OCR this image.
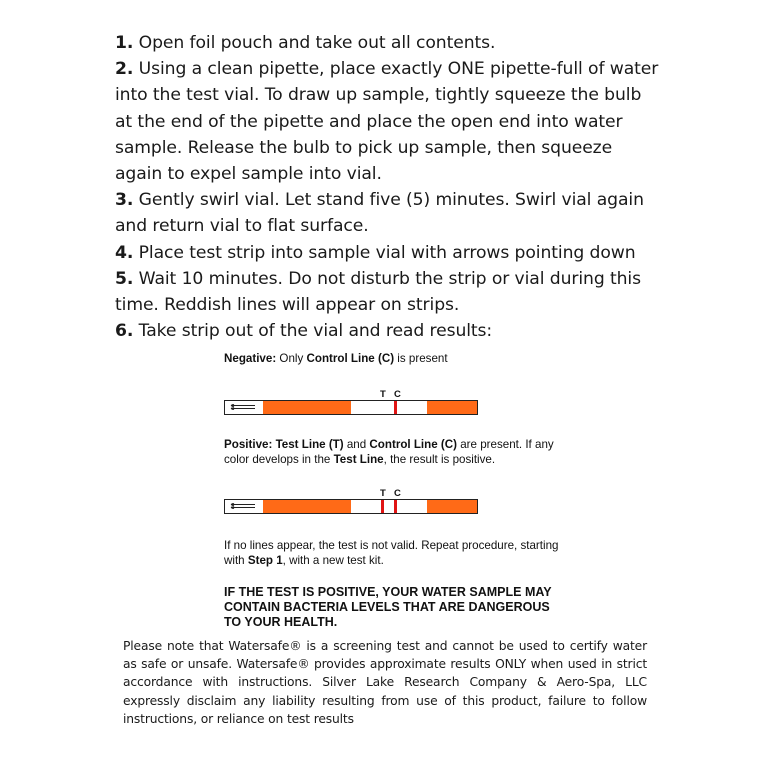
1. Open foil pouch and take out all contents.

2. Using a clean pipette, place exactly ONE pipette-full of water into the test vial. To draw up sample, tightly squeeze the bulb at the end of the pipette and place the open end into water sample. Release the bulb to pick up sample, then squeeze again to expel sample into vial.

3. Gently swirl vial. Let stand five (5) minutes. Swirl vial again and return vial to flat surface.

4. Place test strip into sample vial with arrows pointing down

5. Wait 10 minutes. Do not disturb the strip or vial during this time. Reddish lines will appear on strips.

6. Take strip out of the vial and read results:

Negative: Only Control Line (C) is present

T C

Positive: Test Line (T) and Control Line (C) are present. If any color develops in the Test Line, the result is positive.

T C

If no lines appear, the test is not valid. Repeat procedure, starting with Step 1, with a new test kit.

IF THE TEST IS POSITIVE, YOUR WATER SAMPLE MAY CONTAIN BACTERIA LEVELS THAT ARE DANGEROUS TO YOUR HEALTH.
Please note that Watersafe® is a screening test and cannot be used to certify water as safe or unsafe. Watersafe® provides approximate results ONLY when used in strict accordance with instructions. Silver Lake Research Company & Aero-Spa, LLC expressly disclaim any liability resulting from use of this product, failure to follow instructions, or reliance on test results
